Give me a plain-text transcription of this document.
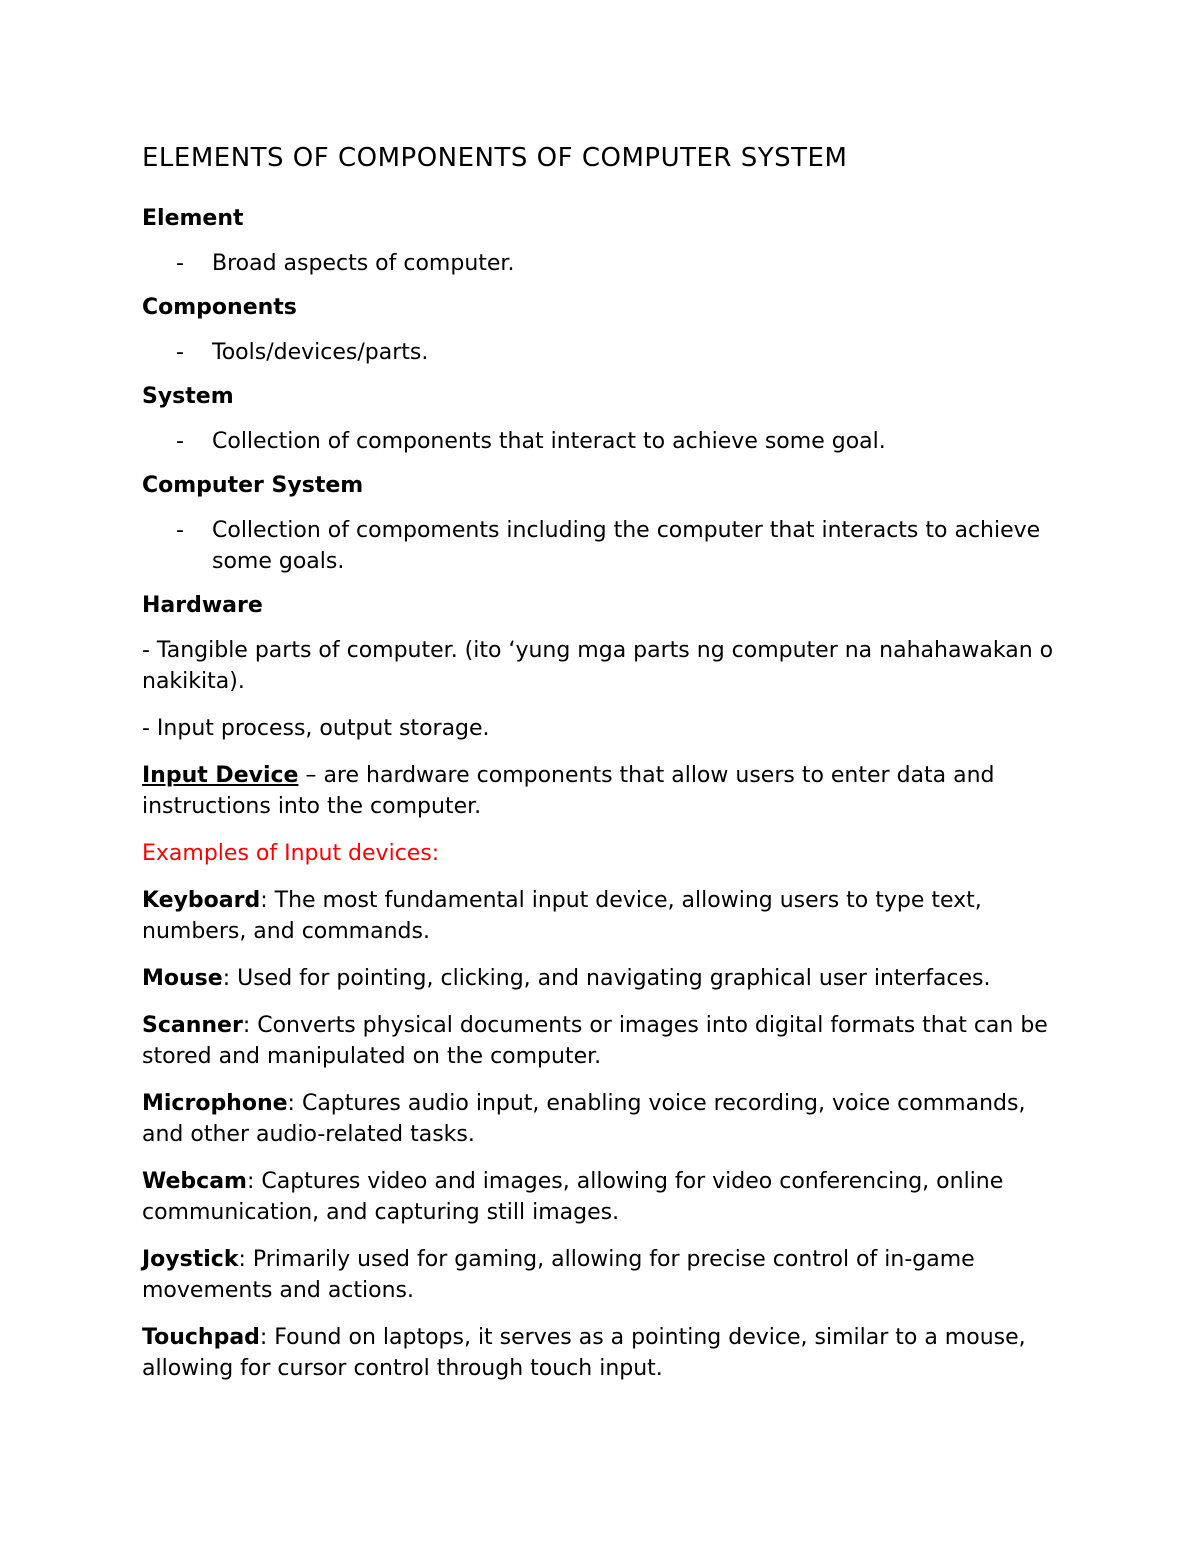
ELEMENTS OF COMPONENTS OF COMPUTER SYSTEM
Element
- Broad aspects of computer.
Components
- Tools/devices/parts.
System
- Collection of components that interact to achieve some goal.
Computer System
- Collection of compoments including the computer that interacts to achieve some goals.
Hardware
- Tangible parts of computer. (ito ‘yung mga parts ng computer na nahahawakan o nakikita).
- Input process, output storage.
Input Device – are hardware components that allow users to enter data and instructions into the computer.
Examples of Input devices:
Keyboard: The most fundamental input device, allowing users to type text, numbers, and commands.
Mouse: Used for pointing, clicking, and navigating graphical user interfaces.
Scanner: Converts physical documents or images into digital formats that can be stored and manipulated on the computer.
Microphone: Captures audio input, enabling voice recording, voice commands, and other audio-related tasks.
Webcam: Captures video and images, allowing for video conferencing, online communication, and capturing still images.
Joystick: Primarily used for gaming, allowing for precise control of in-game movements and actions.
Touchpad: Found on laptops, it serves as a pointing device, similar to a mouse, allowing for cursor control through touch input.
